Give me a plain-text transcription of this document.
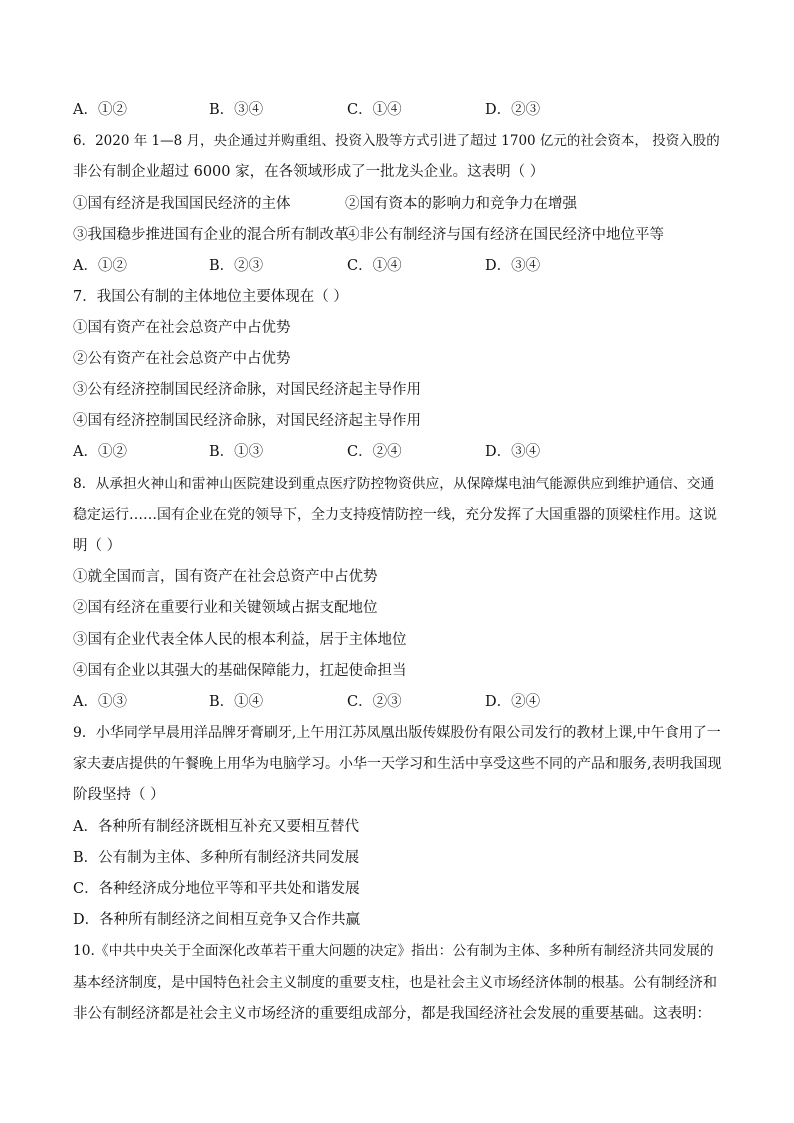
A．①②	B．③④	C．①④	D．②③
6．2020 年 1—8 月，央企通过并购重组、投资入股等方式引进了超过 1700 亿元的社会资本， 投资入股的
非公有制企业超过 6000 家，在各领域形成了一批龙头企业。这表明（ ）
①国有经济是我国国民经济的主体	②国有资本的影响力和竞争力在增强
③我国稳步推进国有企业的混合所有制改革
④非公有制经济与国有经济在国民经济中地位平等
A．①②	B．②③	C．①④	D．③④
7．我国公有制的主体地位主要体现在（ ）
①国有资产在社会总资产中占优势
②公有资产在社会总资产中占优势
③公有经济控制国民经济命脉，对国民经济起主导作用
④国有经济控制国民经济命脉，对国民经济起主导作用
A．①②	B．①③	C．②④	D．③④
8．从承担火神山和雷神山医院建设到重点医疗防控物资供应，从保障煤电油气能源供应到维护通信、交通
稳定运行……国有企业在党的领导下，全力支持疫情防控一线，充分发挥了大国重器的顶梁柱作用。这说
明（ ）
①就全国而言，国有资产在社会总资产中占优势
②国有经济在重要行业和关键领域占据支配地位
③国有企业代表全体人民的根本利益，居于主体地位
④国有企业以其强大的基础保障能力，扛起使命担当
A．①③	B．①④	C．②③	D．②④
9．小华同学早晨用洋品牌牙膏刷牙,上午用江苏凤凰出版传媒股份有限公司发行的教材上课,中午食用了一
家夫妻店提供的午餐晚上用华为电脑学习。小华一天学习和生活中享受这些不同的产品和服务,表明我国现
阶段坚持（ ）
A．各种所有制经济既相互补充又要相互替代
B．公有制为主体、多种所有制经济共同发展
C．各种经济成分地位平等和平共处和谐发展
D．各种所有制经济之间相互竞争又合作共赢
10.《中共中央关于全面深化改革若干重大问题的决定》指出：公有制为主体、多种所有制经济共同发展的
基本经济制度，是中国特色社会主义制度的重要支柱，也是社会主义市场经济体制的根基。公有制经济和
非公有制经济都是社会主义市场经济的重要组成部分，都是我国经济社会发展的重要基础。这表明：
